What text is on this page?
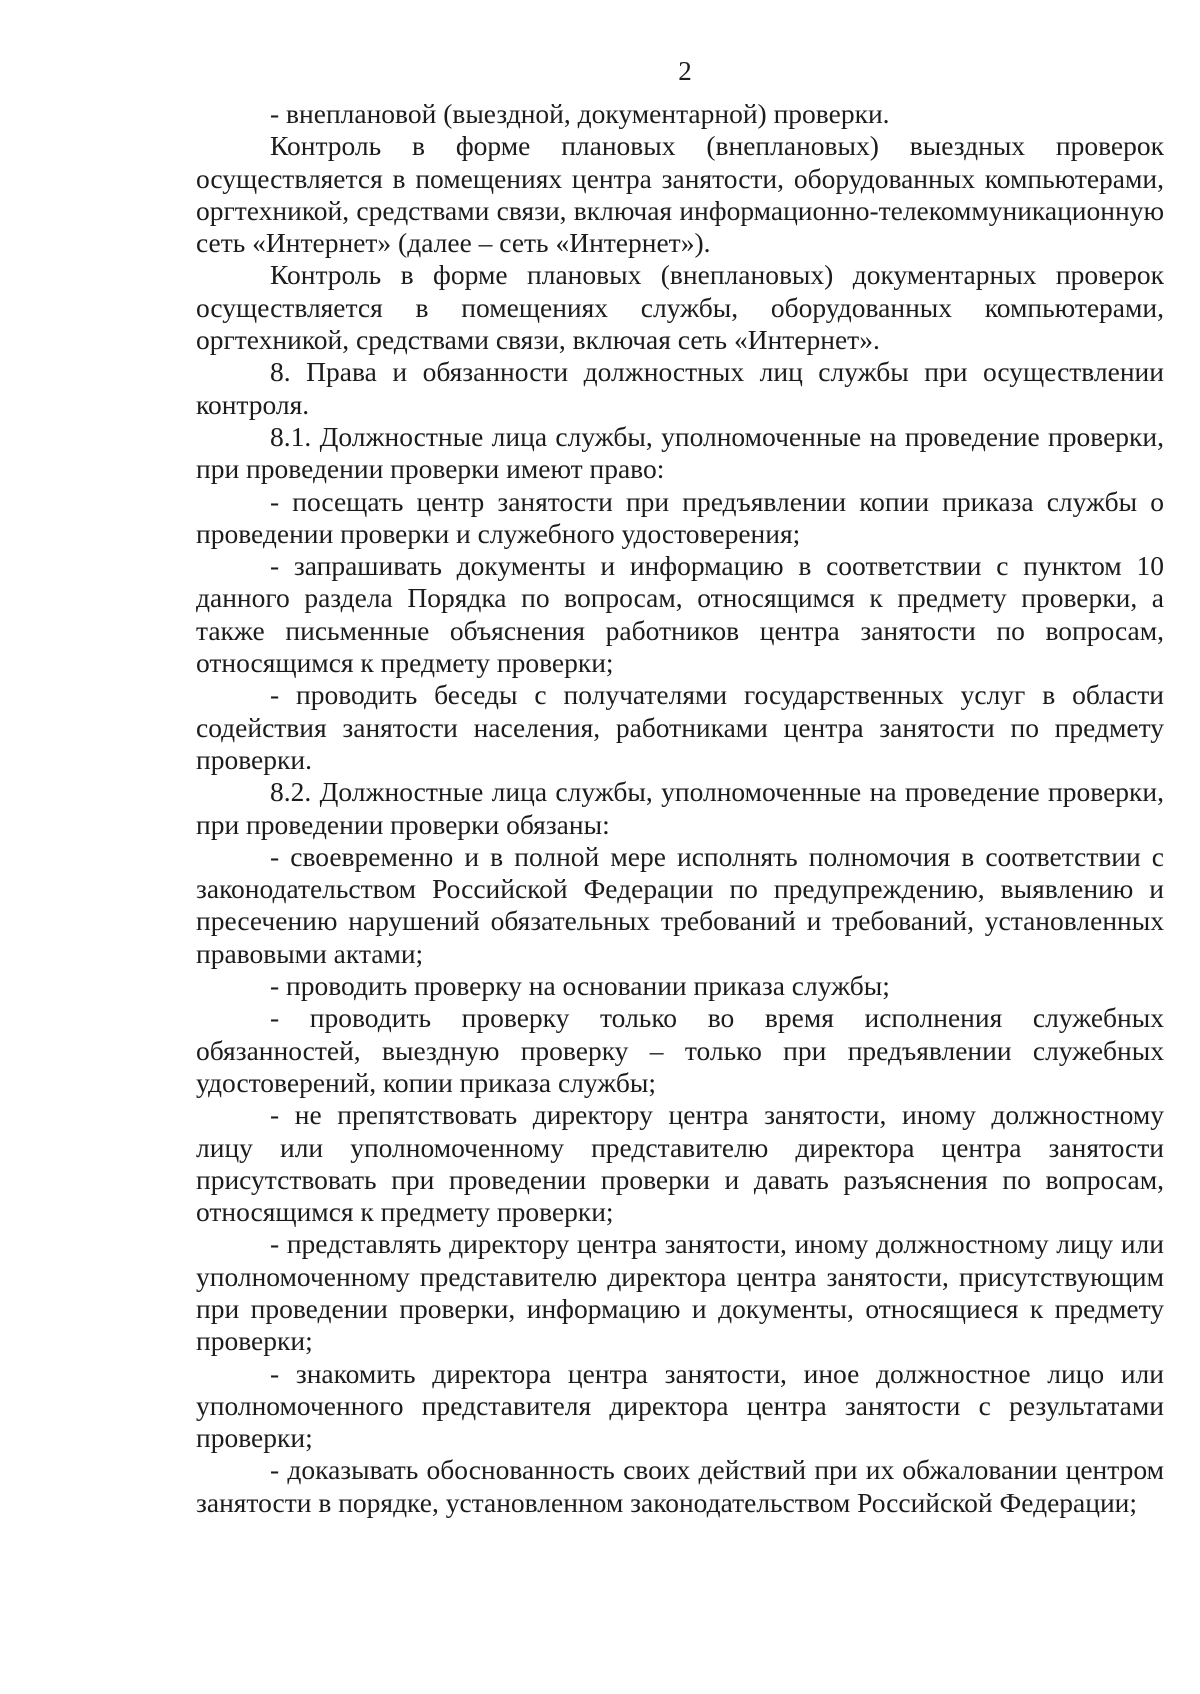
2

- внеплановой (выездной, документарной) проверки.

Контроль в форме плановых (внеплановых) выездных проверок осуществляется в помещениях центра занятости, оборудованных компьютерами, оргтехникой, средствами связи, включая информационно-телекоммуникационную сеть «Интернет» (далее – сеть «Интернет»).

Контроль в форме плановых (внеплановых) документарных проверок осуществляется в помещениях службы, оборудованных компьютерами, оргтехникой, средствами связи, включая сеть «Интернет».

8. Права и обязанности должностных лиц службы при осуществлении контроля.

8.1. Должностные лица службы, уполномоченные на проведение проверки, при проведении проверки имеют право:

- посещать центр занятости при предъявлении копии приказа службы о проведении проверки и служебного удостоверения;

- запрашивать документы и информацию в соответствии с пунктом 10 данного раздела Порядка по вопросам, относящимся к предмету проверки, а также письменные объяснения работников центра занятости по вопросам, относящимся к предмету проверки;

- проводить беседы с получателями государственных услуг в области содействия занятости населения, работниками центра занятости по предмету проверки.

8.2. Должностные лица службы, уполномоченные на проведение проверки, при проведении проверки обязаны:

- своевременно и в полной мере исполнять полномочия в соответствии с законодательством Российской Федерации по предупреждению, выявлению и пресечению нарушений обязательных требований и требований, установленных правовыми актами;

- проводить проверку на основании приказа службы;

- проводить проверку только во время исполнения служебных обязанностей, выездную проверку – только при предъявлении служебных удостоверений, копии приказа службы;

- не препятствовать директору центра занятости, иному должностному лицу или уполномоченному представителю директора центра занятости присутствовать при проведении проверки и давать разъяснения по вопросам, относящимся к предмету проверки;

- представлять директору центра занятости, иному должностному лицу или уполномоченному представителю директора центра занятости, присутствующим при проведении проверки, информацию и документы, относящиеся к предмету проверки;

- знакомить директора центра занятости, иное должностное лицо или уполномоченного представителя директора центра занятости с результатами проверки;

- доказывать обоснованность своих действий при их обжаловании центром занятости в порядке, установленном законодательством Российской Федерации;
